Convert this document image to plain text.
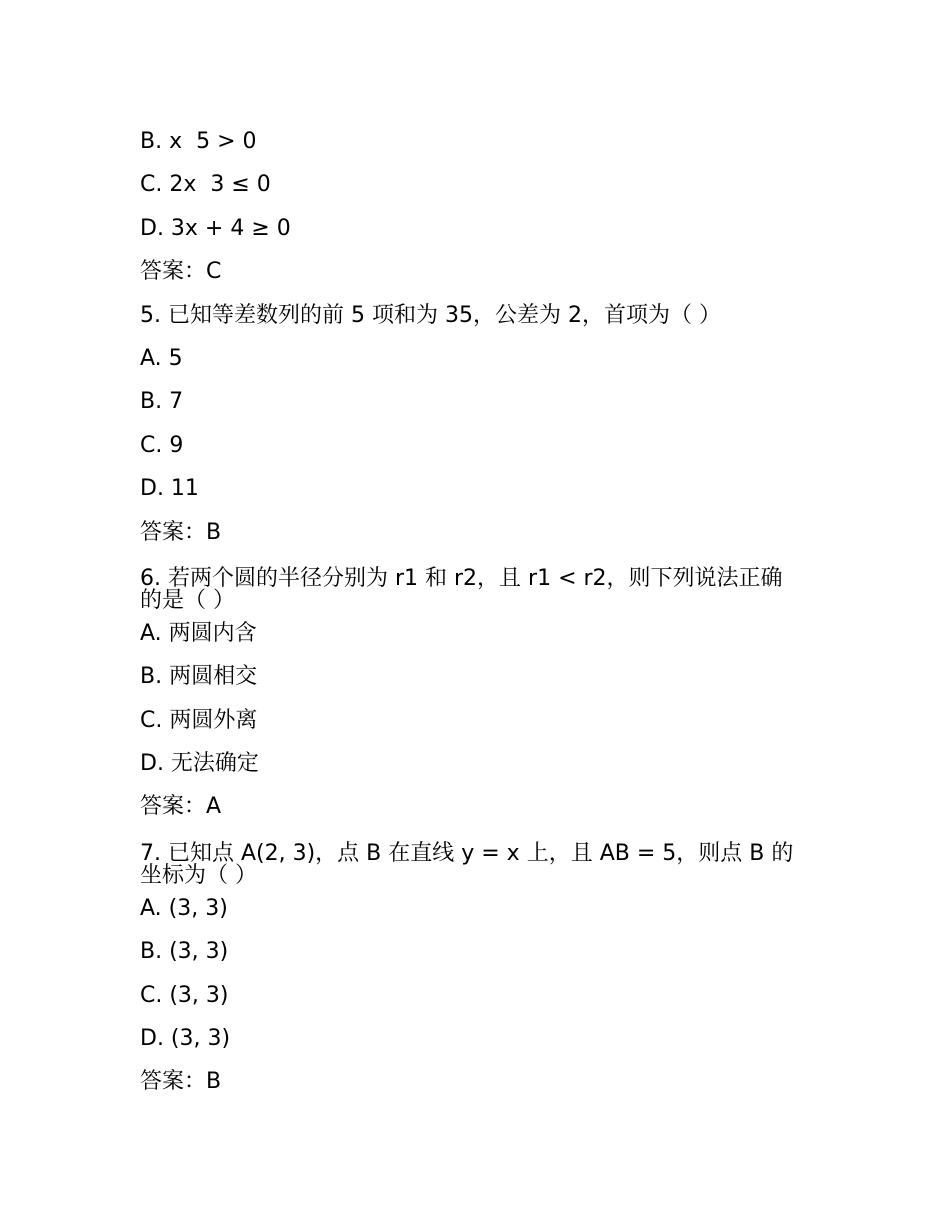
B. x  5 > 0
C. 2x  3 ≤ 0
D. 3x + 4 ≥ 0
答案：C
5. 已知等差数列的前 5 项和为 35，公差为 2，首项为（ ）
A. 5
B. 7
C. 9
D. 11
答案：B
6. 若两个圆的半径分别为 r1 和 r2，且 r1 < r2，则下列说法正确的是（ ）
A. 两圆内含
B. 两圆相交
C. 两圆外离
D. 无法确定
答案：A
7. 已知点 A(2, 3)，点 B 在直线 y = x 上，且 AB = 5，则点 B 的坐标为（ ）
A. (3, 3)
B. (3, 3)
C. (3, 3)
D. (3, 3)
答案：B
